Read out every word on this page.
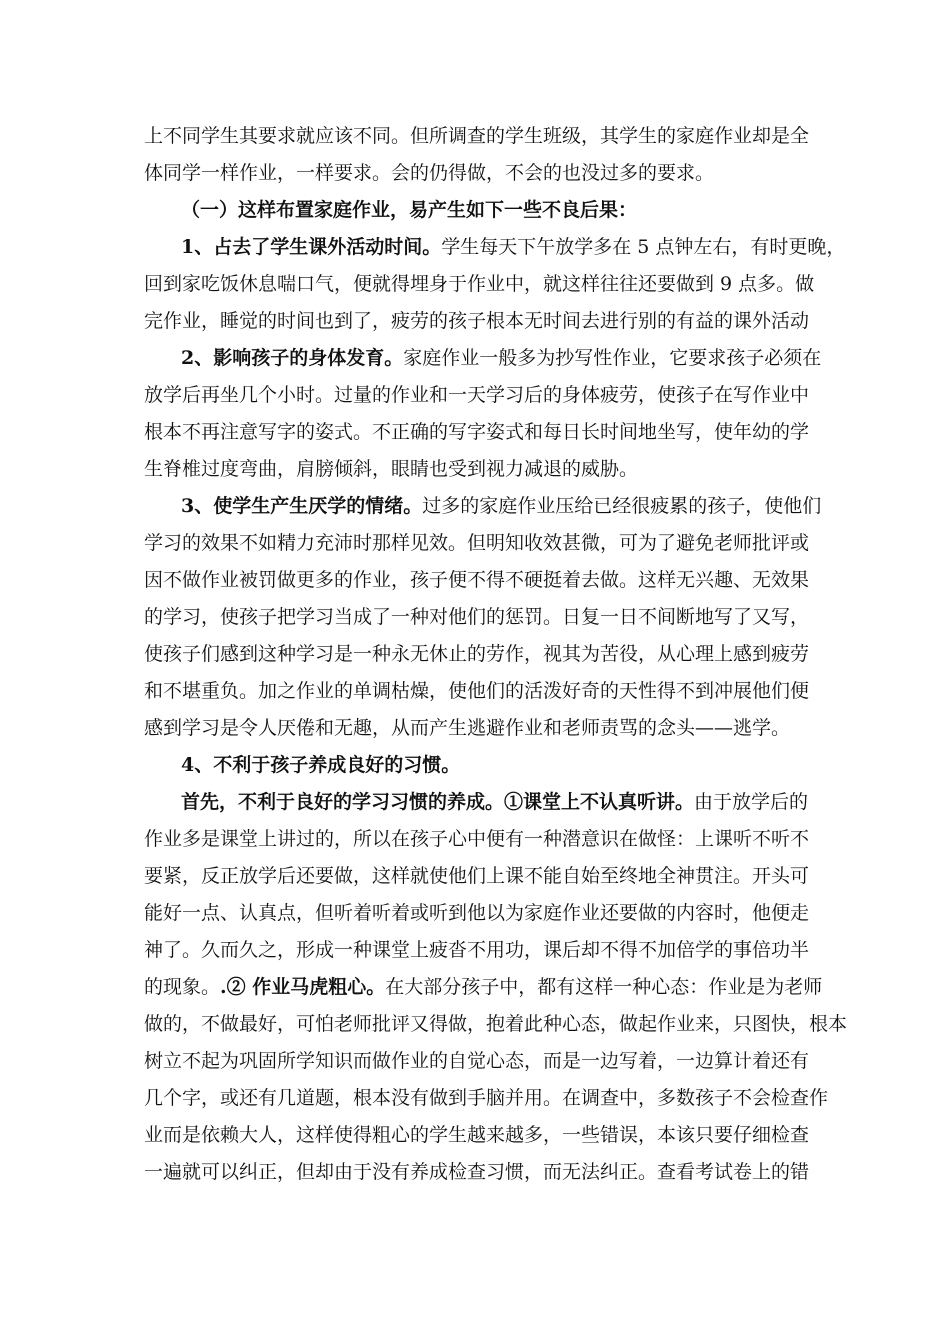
上不同学生其要求就应该不同。但所调查的学生班级，其学生的家庭作业却是全
体同学一样作业，一样要求。会的仍得做，不会的也没过多的要求。
（一）这样布置家庭作业，易产生如下一些不良后果：
1、占去了学生课外活动时间。学生每天下午放学多在 5 点钟左右，有时更晚，
回到家吃饭休息喘口气，便就得埋身于作业中，就这样往往还要做到 9 点多。做
完作业，睡觉的时间也到了，疲劳的孩子根本无时间去进行别的有益的课外活动
2、影响孩子的身体发育。家庭作业一般多为抄写性作业，它要求孩子必须在
放学后再坐几个小时。过量的作业和一天学习后的身体疲劳，使孩子在写作业中
根本不再注意写字的姿式。不正确的写字姿式和每日长时间地坐写，使年幼的学
生脊椎过度弯曲，肩膀倾斜，眼睛也受到视力减退的威胁。
3、使学生产生厌学的情绪。过多的家庭作业压给已经很疲累的孩子，使他们
学习的效果不如精力充沛时那样见效。但明知收效甚微，可为了避免老师批评或
因不做作业被罚做更多的作业，孩子便不得不硬挺着去做。这样无兴趣、无效果
的学习，使孩子把学习当成了一种对他们的惩罚。日复一日不间断地写了又写，
使孩子们感到这种学习是一种永无休止的劳作，视其为苦役，从心理上感到疲劳
和不堪重负。加之作业的单调枯燥，使他们的活泼好奇的天性得不到冲展他们便
感到学习是令人厌倦和无趣，从而产生逃避作业和老师责骂的念头——逃学。
4、不利于孩子养成良好的习惯。
首先，不利于良好的学习习惯的养成。①课堂上不认真听讲。由于放学后的
作业多是课堂上讲过的，所以在孩子心中便有一种潜意识在做怪：上课听不听不
要紧，反正放学后还要做，这样就使他们上课不能自始至终地全神贯注。开头可
能好一点、认真点，但听着听着或听到他以为家庭作业还要做的内容时，他便走
神了。久而久之，形成一种课堂上疲沓不用功，课后却不得不加倍学的事倍功半
的现象。.② 作业马虎粗心。在大部分孩子中，都有这样一种心态：作业是为老师
做的，不做最好，可怕老师批评又得做，抱着此种心态，做起作业来，只图快，根本
树立不起为巩固所学知识而做作业的自觉心态，而是一边写着，一边算计着还有
几个字，或还有几道题，根本没有做到手脑并用。在调查中，多数孩子不会检查作
业而是依赖大人，这样使得粗心的学生越来越多，一些错误，本该只要仔细检查
一遍就可以纠正，但却由于没有养成检查习惯，而无法纠正。查看考试卷上的错
